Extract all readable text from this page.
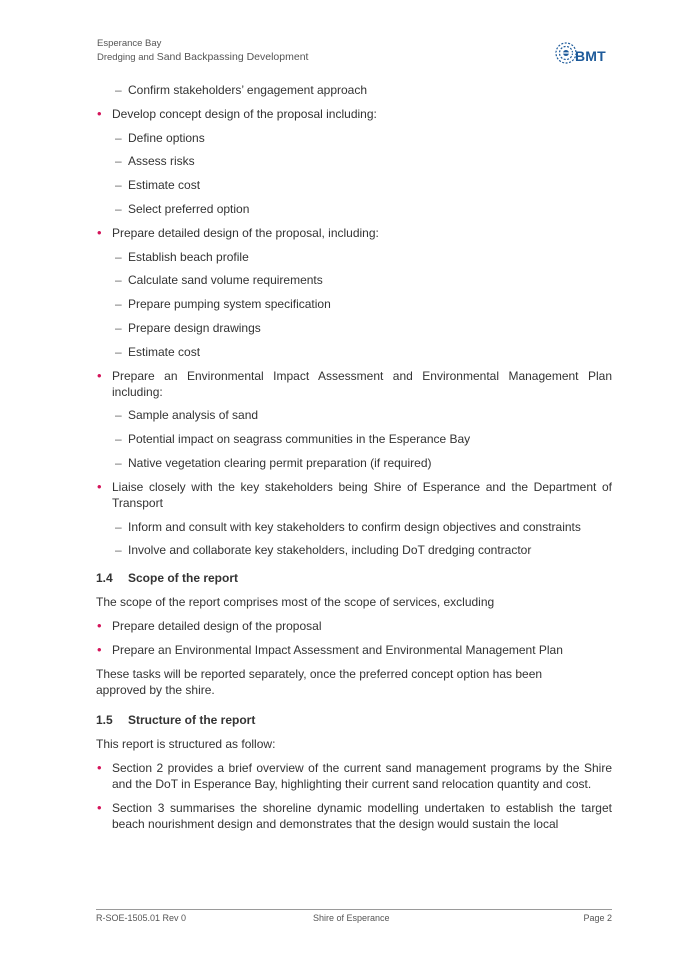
Esperance Bay
Dredging and Sand Backpassing Development	BMT
– Confirm stakeholders’ engagement approach
• Develop concept design of the proposal including:
– Define options
– Assess risks
– Estimate cost
– Select preferred option
• Prepare detailed design of the proposal, including:
– Establish beach profile
– Calculate sand volume requirements
– Prepare pumping system specification
– Prepare design drawings
– Estimate cost
• Prepare an Environmental Impact Assessment and Environmental Management Plan including:
– Sample analysis of sand
– Potential impact on seagrass communities in the Esperance Bay
– Native vegetation clearing permit preparation (if required)
• Liaise closely with the key stakeholders being Shire of Esperance and the Department of Transport
– Inform and consult with key stakeholders to confirm design objectives and constraints
– Involve and collaborate key stakeholders, including DoT dredging contractor
1.4 Scope of the report
The scope of the report comprises most of the scope of services, excluding
• Prepare detailed design of the proposal
• Prepare an Environmental Impact Assessment and Environmental Management Plan
These tasks will be reported separately, once the preferred concept option has been approved by the shire.
1.5 Structure of the report
This report is structured as follow:
• Section 2 provides a brief overview of the current sand management programs by the Shire and the DoT in Esperance Bay, highlighting their current sand relocation quantity and cost.
• Section 3 summarises the shoreline dynamic modelling undertaken to establish the target beach nourishment design and demonstrates that the design would sustain the local
R-SOE-1505.01 Rev 0	Shire of Esperance	Page 2
